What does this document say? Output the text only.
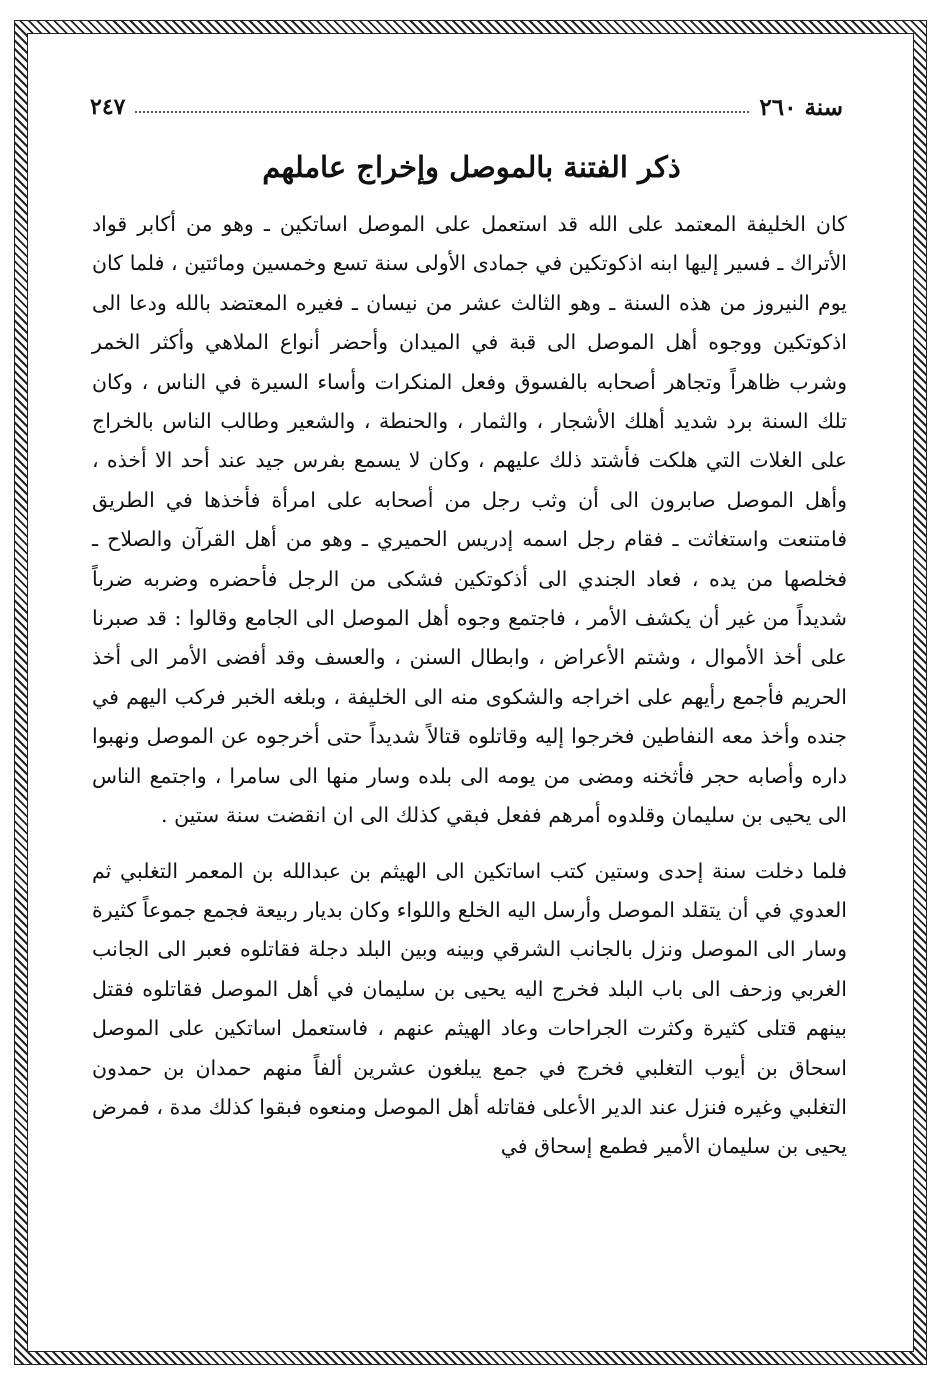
سنة ٢٦٠
٢٤٧
ذكر الفتنة بالموصل وإخراج عاملهم

كان الخليفة المعتمد على الله قد استعمل على الموصل اساتكين ـ وهو من أكابر قواد الأتراك ـ فسير إليها ابنه اذكوتكين في جمادى الأولى سنة تسع وخمسين ومائتين ، فلما كان يوم النيروز من هذه السنة ـ وهو الثالث عشر من نيسان ـ فغيره المعتضد بالله ودعا الى اذكوتكين ووجوه أهل الموصل الى قبة في الميدان وأحضر أنواع الملاهي وأكثر الخمر وشرب ظاهراً وتجاهر أصحابه بالفسوق وفعل المنكرات وأساء السيرة في الناس ، وكان تلك السنة برد شديد أهلك الأشجار ، والثمار ، والحنطة ، والشعير وطالب الناس بالخراج على الغلات التي هلكت فأشتد ذلك عليهم ، وكان لا يسمع بفرس جيد عند أحد الا أخذه ، وأهل الموصل صابرون الى أن وثب رجل من أصحابه على امرأة فأخذها في الطريق فامتنعت واستغاثت ـ فقام رجل اسمه إدريس الحميري ـ وهو من أهل القرآن والصلاح ـ فخلصها من يده ، فعاد الجندي الى أذكوتكين فشكى من الرجل فأحضره وضربه ضرباً شديداً من غير أن يكشف الأمر ، فاجتمع وجوه أهل الموصل الى الجامع وقالوا : قد صبرنا على أخذ الأموال ، وشتم الأعراض ، وابطال السنن ، والعسف وقد أفضى الأمر الى أخذ الحريم فأجمع رأيهم على اخراجه والشكوى منه الى الخليفة ، وبلغه الخبر فركب اليهم في جنده وأخذ معه النفاطين فخرجوا إليه وقاتلوه قتالاً شديداً حتى أخرجوه عن الموصل ونهبوا داره وأصابه حجر فأثخنه ومضى من يومه الى بلده وسار منها الى سامرا ، واجتمع الناس الى يحيى بن سليمان وقلدوه أمرهم ففعل فبقي كذلك الى ان انقضت سنة ستين .

فلما دخلت سنة إحدى وستين كتب اساتكين الى الهيثم بن عبدالله بن المعمر التغلبي ثم العدوي في أن يتقلد الموصل وأرسل اليه الخلع واللواء وكان بديار ربيعة فجمع جموعاً كثيرة وسار الى الموصل ونزل بالجانب الشرقي وبينه وبين البلد دجلة فقاتلوه فعبر الى الجانب الغربي وزحف الى باب البلد فخرج اليه يحيى بن سليمان في أهل الموصل فقاتلوه فقتل بينهم قتلى كثيرة وكثرت الجراحات وعاد الهيثم عنهم ، فاستعمل اساتكين على الموصل اسحاق بن أيوب التغلبي فخرج في جمع يبلغون عشرين ألفاً منهم حمدان بن حمدون التغلبي وغيره فنزل عند الدير الأعلى فقاتله أهل الموصل ومنعوه فبقوا كذلك مدة ، فمرض يحيى بن سليمان الأمير فطمع إسحاق في
